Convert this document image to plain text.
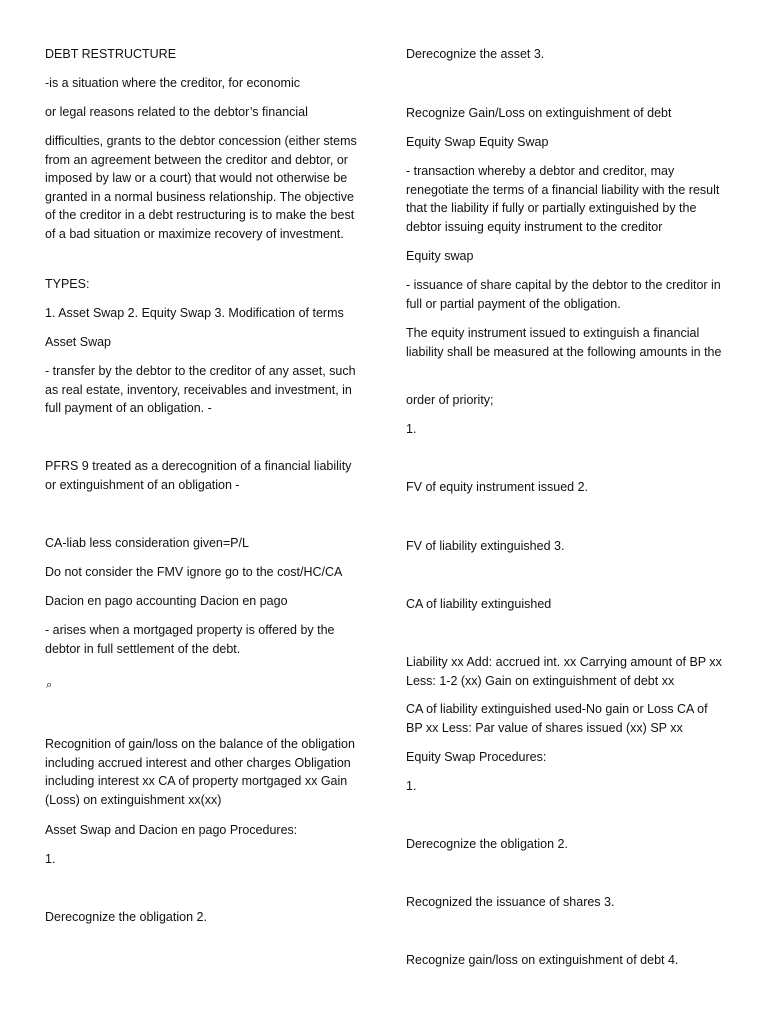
DEBT RESTRUCTURE

-is a situation where the creditor, for economic

or legal reasons related to the debtor’s financial

difficulties, grants to the debtor concession (either stems from an agreement between the creditor and debtor, or imposed by law or a court) that would not otherwise be granted in a normal business relationship. The objective of the creditor in a debt restructuring is to make the best of a bad situation or maximize recovery of investment.

TYPES:

1. Asset Swap 2. Equity Swap 3. Modification of terms

Asset Swap

- transfer by the debtor to the creditor of any asset, such as real estate, inventory, receivables and investment, in full payment of an obligation. -

PFRS 9 treated as a derecognition of a financial liability or extinguishment of an obligation -

CA-liab less consideration given=P/L

Do not consider the FMV ignore go to the cost/HC/CA

Dacion en pago accounting Dacion en pago

- arises when a mortgaged property is offered by the debtor in full settlement of the debt.

⌕

Recognition of gain/loss on the balance of the obligation including accrued interest and other charges Obligation including interest xx CA of property mortgaged xx Gain (Loss) on extinguishment xx(xx)

Asset Swap and Dacion en pago Procedures:

1.

Derecognize the obligation 2.

Derecognize the asset 3.

Recognize Gain/Loss on extinguishment of debt

Equity Swap Equity Swap

- transaction whereby a debtor and creditor, may renegotiate the terms of a financial liability with the result that the liability if fully or partially extinguished by the debtor issuing equity instrument to the creditor

Equity swap

- issuance of share capital by the debtor to the creditor in full or partial payment of the obligation.

The equity instrument issued to extinguish a financial liability shall be measured at the following amounts in the

order of priority;

1.

FV of equity instrument issued 2.

FV of liability extinguished 3.

CA of liability extinguished

Liability xx Add: accrued int. xx Carrying amount of BP xx Less: 1-2 (xx) Gain on extinguishment of debt xx

CA of liability extinguished used-No gain or Loss CA of BP xx Less: Par value of shares issued (xx) SP xx

Equity Swap Procedures:

1.

Derecognize the obligation 2.

Recognized the issuance of shares 3.

Recognize gain/loss on extinguishment of debt 4.
